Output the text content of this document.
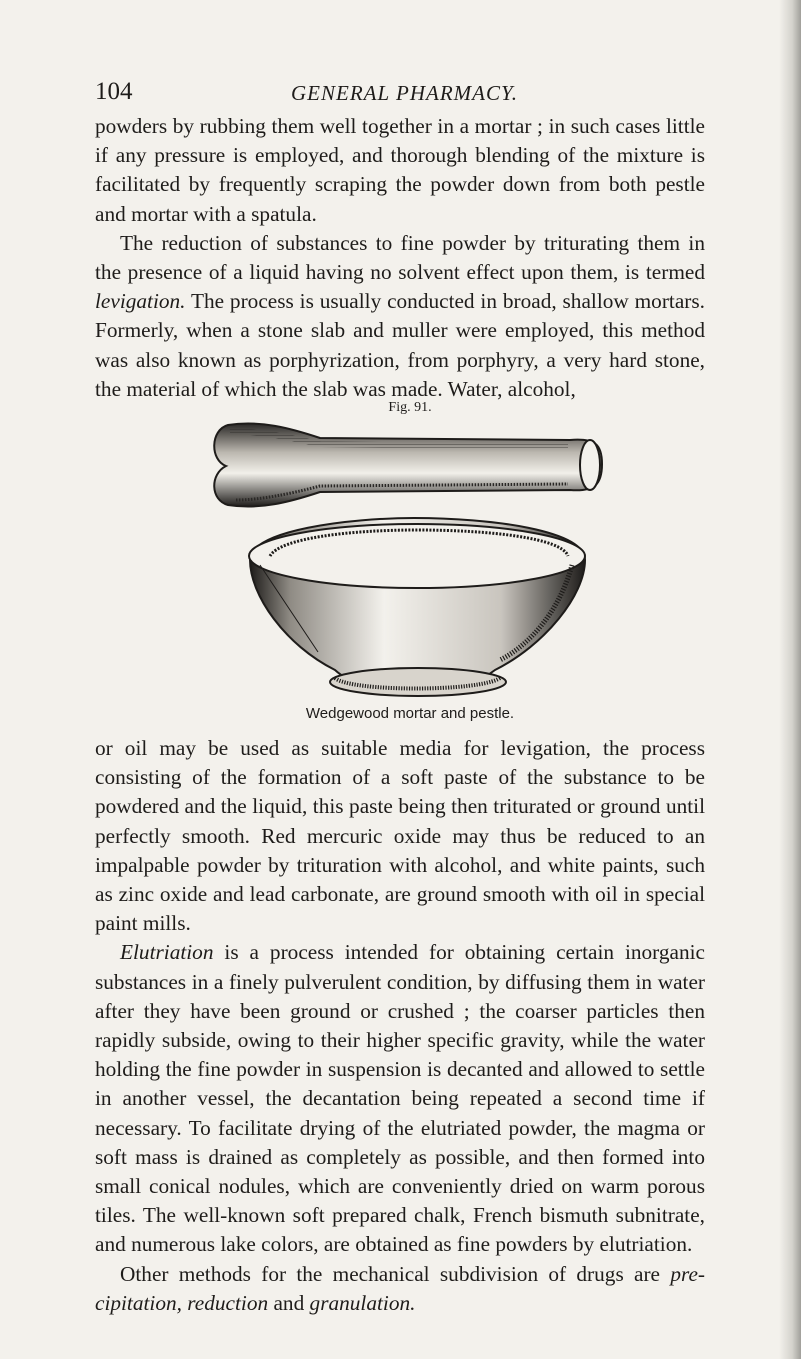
104	GENERAL PHARMACY.

powders by rubbing them well together in a mortar ; in such cases little if any pressure is employed, and thorough blending of the mixture is facilitated by frequently scraping the powder down from both pestle and mortar with a spatula.

The reduction of substances to fine powder by triturating them in the presence of a liquid having no solvent effect upon them, is termed levigation. The process is usually conducted in broad, shallow mortars. Formerly, when a stone slab and muller were employed, this method was also known as porphyrization, from porphyry, a very hard stone, the material of which the slab was made. Water, alcohol,

Fig. 91.
Wedgewood mortar and pestle.

or oil may be used as suitable media for levigation, the process consisting of the formation of a soft paste of the substance to be powdered and the liquid, this paste being then triturated or ground until perfectly smooth. Red mercuric oxide may thus be reduced to an impalpable powder by trituration with alcohol, and white paints, such as zinc oxide and lead carbonate, are ground smooth with oil in special paint mills.

Elutriation is a process intended for obtaining certain inorganic substances in a finely pulverulent condition, by diffusing them in water after they have been ground or crushed ; the coarser particles then rapidly subside, owing to their higher specific gravity, while the water holding the fine powder in suspension is decanted and allowed to settle in another vessel, the decantation being repeated a second time if necessary. To facilitate drying of the elutriated powder, the magma or soft mass is drained as completely as possible, and then formed into small conical nodules, which are conveniently dried on warm porous tiles. The well-known soft prepared chalk, French bismuth subnitrate, and numerous lake colors, are obtained as fine powders by elutriation.

Other methods for the mechanical subdivision of drugs are pre-cipitation, reduction and granulation.
